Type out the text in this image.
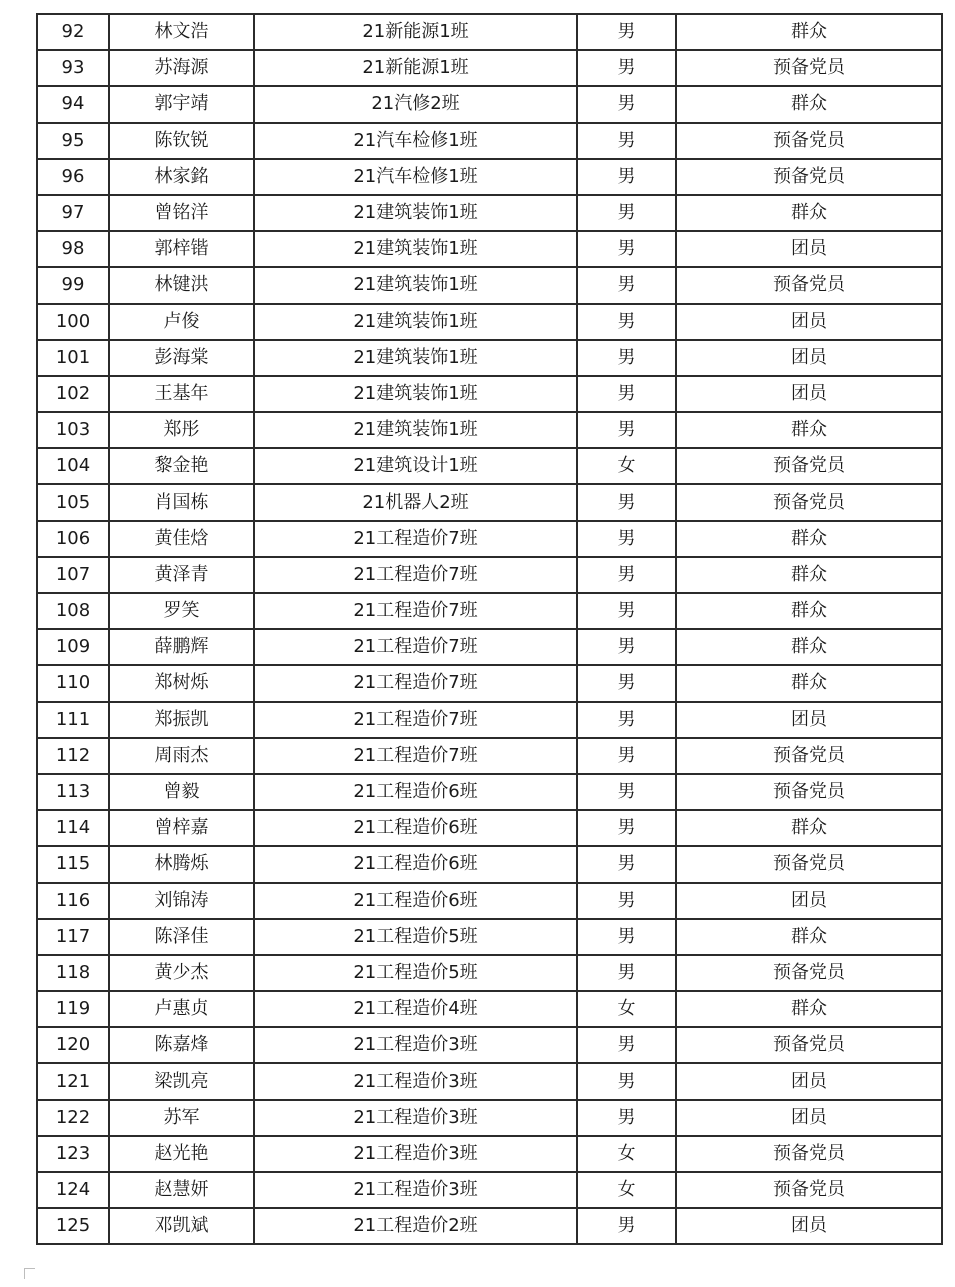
92	林文浩	21新能源1班	男	群众
93	苏海源	21新能源1班	男	预备党员
94	郭宇靖	21汽修2班	男	群众
95	陈钦锐	21汽车检修1班	男	预备党员
96	林家銘	21汽车检修1班	男	预备党员
97	曾铭洋	21建筑装饰1班	男	群众
98	郭梓锴	21建筑装饰1班	男	团员
99	林键洪	21建筑装饰1班	男	预备党员
100	卢俊	21建筑装饰1班	男	团员
101	彭海棠	21建筑装饰1班	男	团员
102	王基年	21建筑装饰1班	男	团员
103	郑彤	21建筑装饰1班	男	群众
104	黎金艳	21建筑设计1班	女	预备党员
105	肖国栋	21机器人2班	男	预备党员
106	黄佳焓	21工程造价7班	男	群众
107	黄泽青	21工程造价7班	男	群众
108	罗笑	21工程造价7班	男	群众
109	薛鹏辉	21工程造价7班	男	群众
110	郑树烁	21工程造价7班	男	群众
111	郑振凯	21工程造价7班	男	团员
112	周雨杰	21工程造价7班	男	预备党员
113	曾毅	21工程造价6班	男	预备党员
114	曾梓嘉	21工程造价6班	男	群众
115	林腾烁	21工程造价6班	男	预备党员
116	刘锦涛	21工程造价6班	男	团员
117	陈泽佳	21工程造价5班	男	群众
118	黄少杰	21工程造价5班	男	预备党员
119	卢惠贞	21工程造价4班	女	群众
120	陈嘉烽	21工程造价3班	男	预备党员
121	梁凯亮	21工程造价3班	男	团员
122	苏军	21工程造价3班	男	团员
123	赵光艳	21工程造价3班	女	预备党员
124	赵慧妍	21工程造价3班	女	预备党员
125	邓凯斌	21工程造价2班	男	团员
